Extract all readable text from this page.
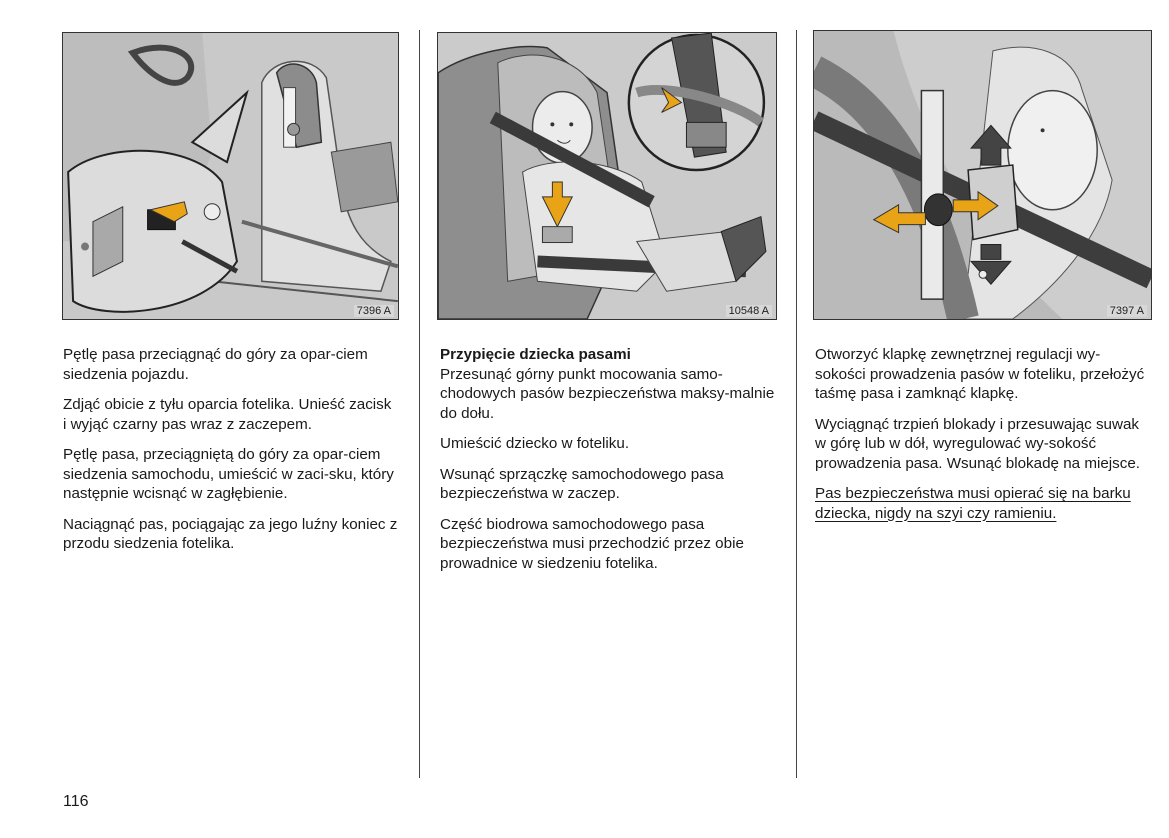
7396 A	10548 A	7397 A

Pętlę pasa przeciągnąć do góry za opar-ciem siedzenia pojazdu.

Zdjąć obicie z tyłu oparcia fotelika. Unieść zacisk i wyjąć czarny pas wraz z zaczepem.

Pętlę pasa, przeciągniętą do góry za opar-ciem siedzenia samochodu, umieścić w zaci-sku, który następnie wcisnąć w zagłębienie.

Naciągnąć pas, pociągając za jego luźny koniec z przodu siedzenia fotelika.

Przypięcie dziecka pasami

Przesunąć górny punkt mocowania samo-chodowych pasów bezpieczeństwa maksy-malnie do dołu.

Umieścić dziecko w foteliku.

Wsunąć sprzączkę samochodowego pasa bezpieczeństwa w zaczep.

Część biodrowa samochodowego pasa bezpieczeństwa musi przechodzić przez obie prowadnice w siedzeniu fotelika.

Otworzyć klapkę zewnętrznej regulacji wy-sokości prowadzenia pasów w foteliku, przełożyć taśmę pasa i zamknąć klapkę.

Wyciągnąć trzpień blokady i przesuwając suwak w górę lub w dół, wyregulować wy-sokość prowadzenia pasa. Wsunąć blokadę na miejsce.

Pas bezpieczeństwa musi opierać się na barku dziecka, nigdy na szyi czy ramieniu.

116
